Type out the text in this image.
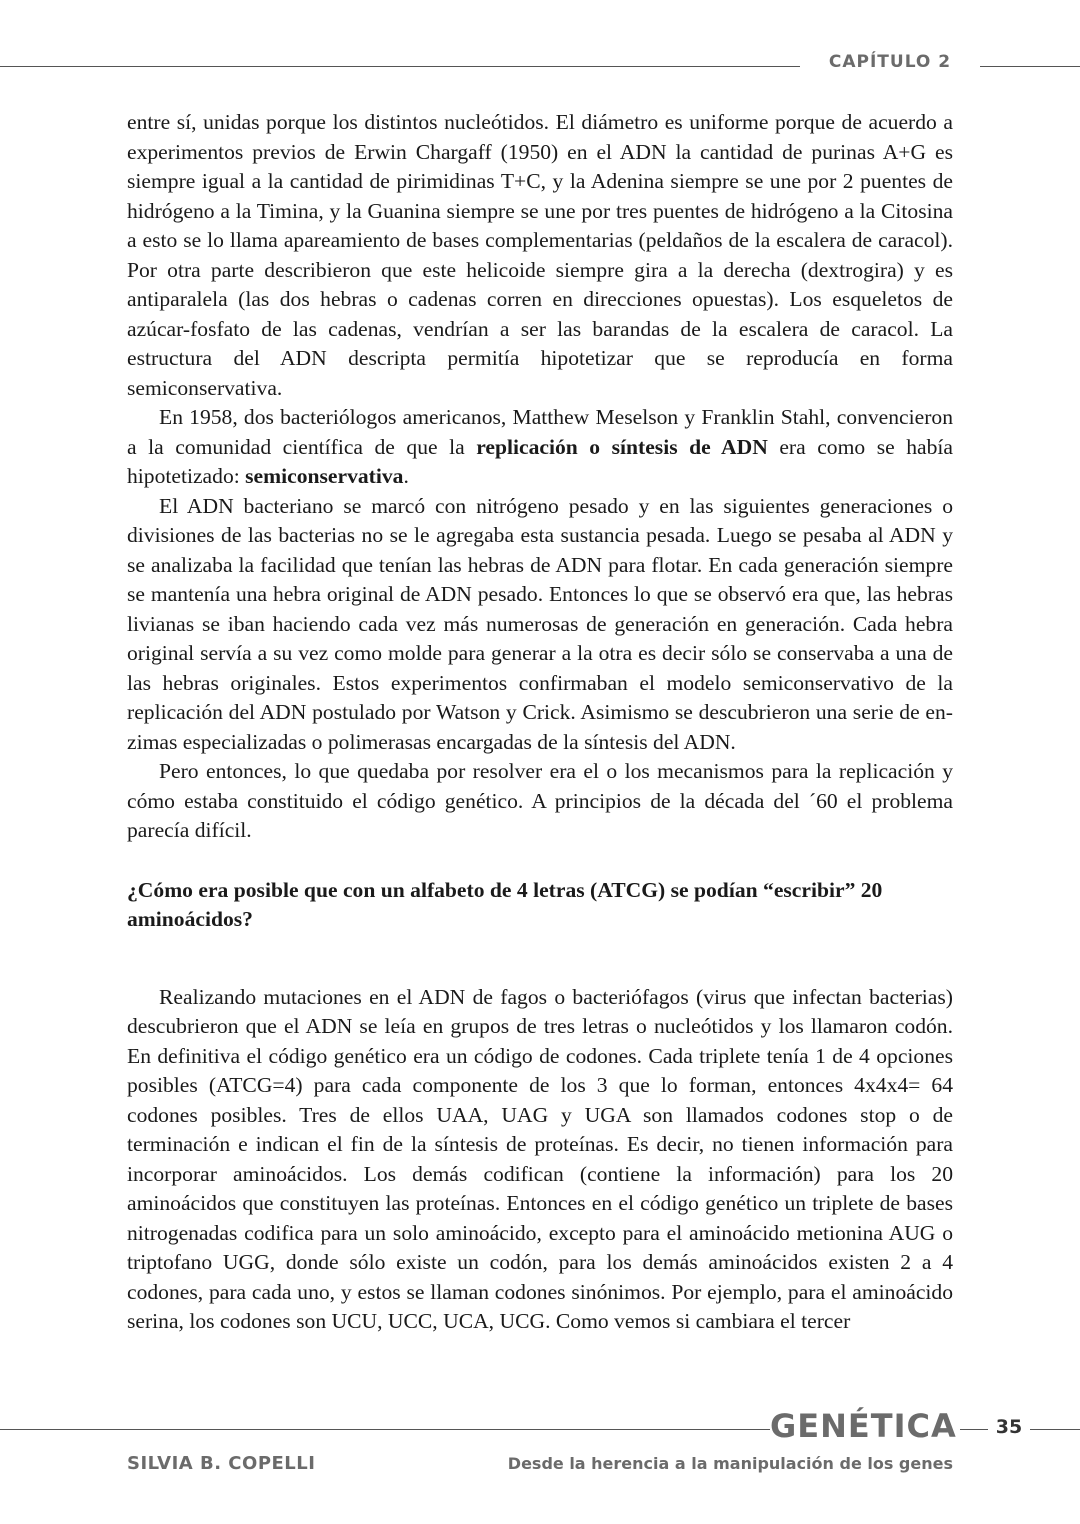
CAPÍTULO 2

entre sí, unidas porque los distintos nucleótidos. El diámetro es uniforme porque de acuerdo a experimentos previos de Erwin Chargaff (1950) en el ADN la cantidad de purinas A+G es siempre igual a la cantidad de pirimidinas T+C, y la Adenina siempre se une por 2 puentes de hidrógeno a la Timina, y la Guanina siempre se une por tres puentes de hidrógeno a la Citosina a esto se lo llama apareamiento de bases complementarias (peldaños de la escalera de caracol). Por otra parte describieron que este helicoide siempre gira a la derecha (dextrogira) y es antiparalela (las dos hebras o cadenas corren en direcciones opuestas). Los esqueletos de azúcar-fosfato de las cadenas, vendrían a ser las barandas de la escalera de caracol. La estructura del ADN descripta permitía hipotetizar que se reproducía en forma semiconservativa.

En 1958, dos bacteriólogos americanos, Matthew Meselson y Franklin Stahl, convencieron a la comunidad científica de que la replicación o síntesis de ADN era como se había hipotetizado: semiconservativa.

El ADN bacteriano se marcó con nitrógeno pesado y en las siguientes generaciones o divisiones de las bacterias no se le agregaba esta sustancia pesada. Luego se pesaba al ADN y se analizaba la facilidad que tenían las hebras de ADN para flotar. En cada generación siempre se mantenía una hebra original de ADN pesado. Entonces lo que se observó era que, las hebras livianas se iban haciendo cada vez más numerosas de generación en generación. Cada hebra original servía a su vez como molde para generar a la otra es decir sólo se conservaba a una de las hebras originales. Estos experimentos confirmaban el modelo semiconservativo de la replicación del ADN postulado por Watson y Crick. Asimismo se descubrieron una serie de enzimas especializadas o polimerasas encargadas de la síntesis del ADN.

Pero entonces, lo que quedaba por resolver era el o los mecanismos para la replicación y cómo estaba constituido el código genético. A principios de la década del ´60 el problema parecía difícil.

¿Cómo era posible que con un alfabeto de 4 letras (ATCG) se podían “escribir” 20 aminoácidos?

Realizando mutaciones en el ADN de fagos o bacteriófagos (virus que infectan bacterias) descubrieron que el ADN se leía en grupos de tres letras o nucleótidos y los llamaron codón. En definitiva el código genético era un código de codones. Cada triplete tenía 1 de 4 opciones posibles (ATCG=4) para cada componente de los 3 que lo forman, entonces 4x4x4= 64 codones posibles. Tres de ellos UAA, UAG y UGA son llamados codones stop o de terminación e indican el fin de la síntesis de proteínas. Es decir, no tienen información para incorporar aminoácidos. Los demás codifican (contiene la información) para los 20 aminoácidos que constituyen las proteínas. Entonces en el código genético un triplete de bases nitrogenadas codifica para un solo aminoácido, excepto para el aminoácido metionina AUG o triptofano UGG, donde sólo existe un codón, para los demás aminoácidos existen 2 a 4 codones, para cada uno, y estos se llaman codones sinónimos. Por ejemplo, para el aminoácido serina, los codones son UCU, UCC, UCA, UCG. Como vemos si cambiara el tercer

GENÉTICA	35
SILVIA B. COPELLI	Desde la herencia a la manipulación de los genes
